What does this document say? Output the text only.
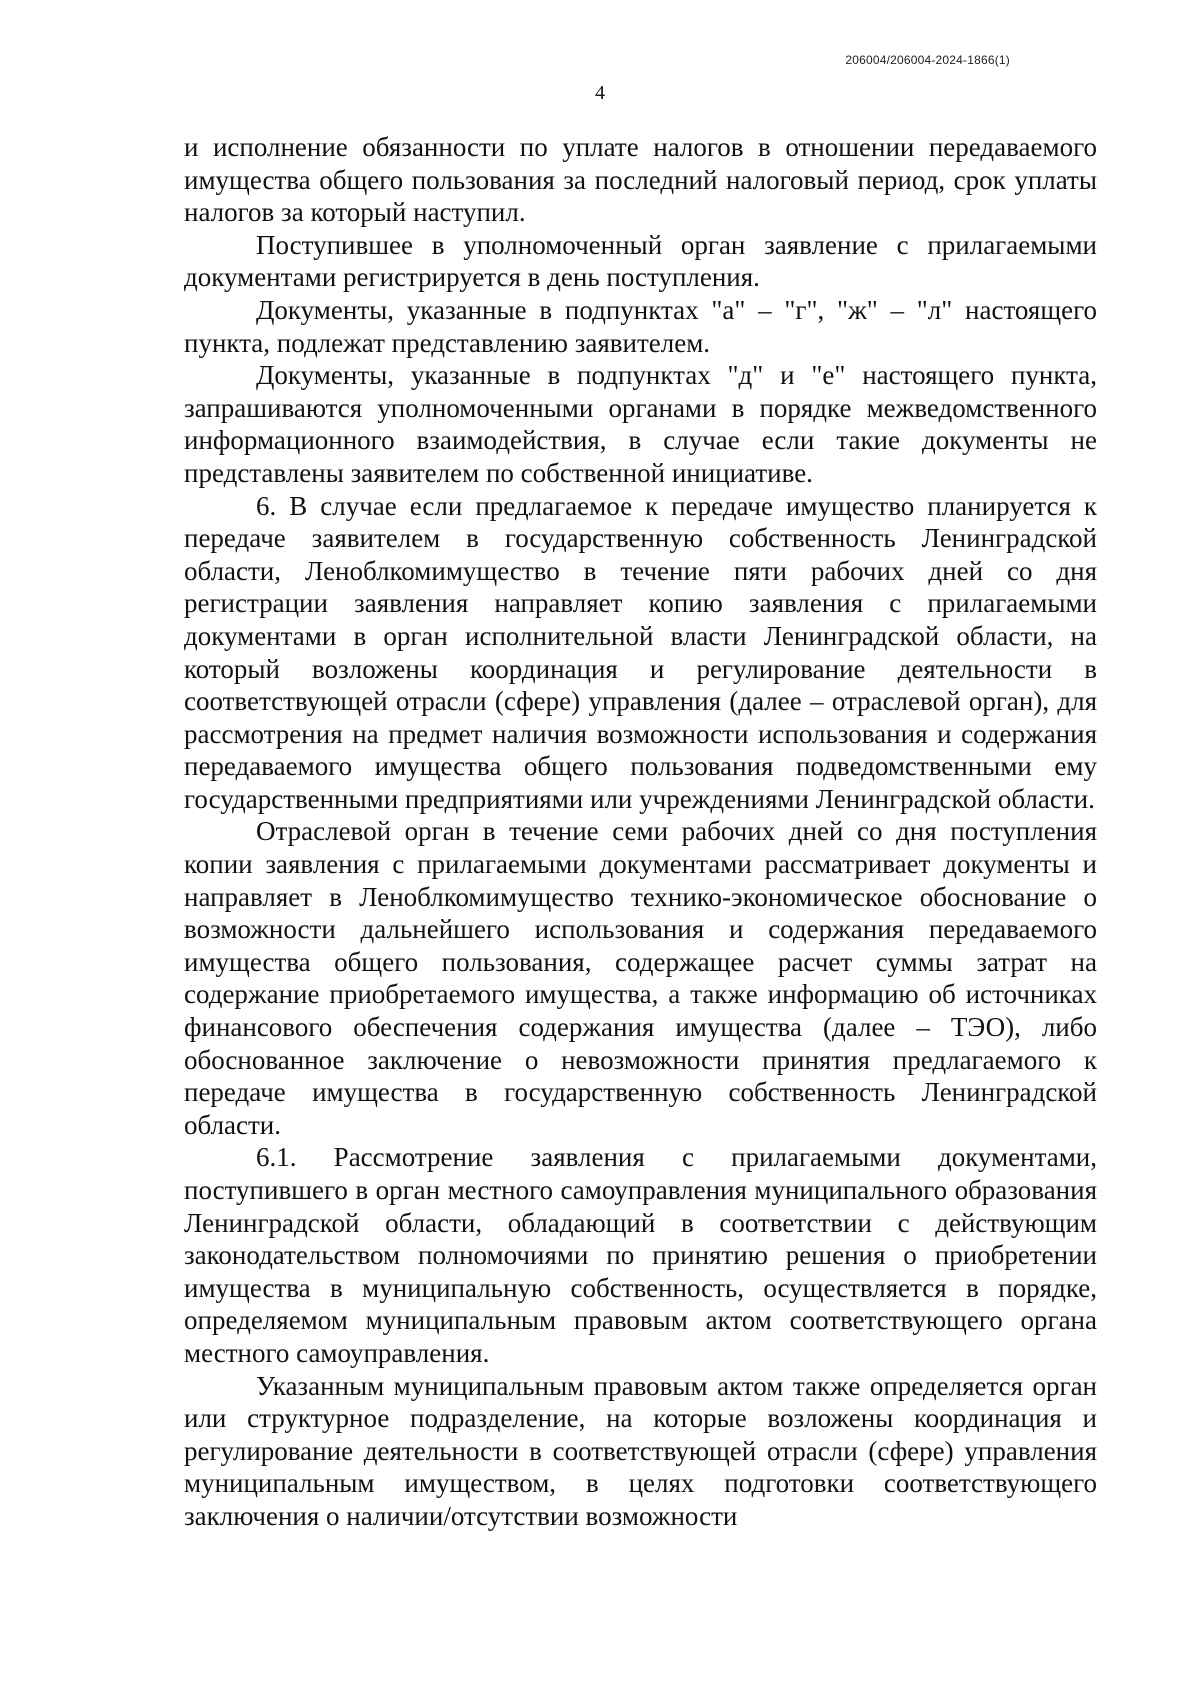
206004/206004-2024-1866(1)
4

и исполнение обязанности по уплате налогов в отношении передаваемого имущества общего пользования за последний налоговый период, срок уплаты налогов за который наступил.

Поступившее в уполномоченный орган заявление с прилагаемыми документами регистрируется в день поступления.

Документы, указанные в подпунктах "а" – "г", "ж" – "л" настоящего пункта, подлежат представлению заявителем.

Документы, указанные в подпунктах "д" и "е" настоящего пункта, запрашиваются уполномоченными органами в порядке межведомственного информационного взаимодействия, в случае если такие документы не представлены заявителем по собственной инициативе.

6. В случае если предлагаемое к передаче имущество планируется к передаче заявителем в государственную собственность Ленинградской области, Леноблкомимущество в течение пяти рабочих дней со дня регистрации заявления направляет копию заявления с прилагаемыми документами в орган исполнительной власти Ленинградской области, на который возложены координация и регулирование деятельности в соответствующей отрасли (сфере) управления (далее – отраслевой орган), для рассмотрения на предмет наличия возможности использования и содержания передаваемого имущества общего пользования подведомственными ему государственными предприятиями или учреждениями Ленинградской области.

Отраслевой орган в течение семи рабочих дней со дня поступления копии заявления с прилагаемыми документами рассматривает документы и направляет в Леноблкомимущество технико-экономическое обоснование о возможности дальнейшего использования и содержания передаваемого имущества общего пользования, содержащее расчет суммы затрат на содержание приобретаемого имущества, а также информацию об источниках финансового обеспечения содержания имущества (далее – ТЭО), либо обоснованное заключение о невозможности принятия предлагаемого к передаче имущества в государственную собственность Ленинградской области.

6.1. Рассмотрение заявления с прилагаемыми документами, поступившего в орган местного самоуправления муниципального образования Ленинградской области, обладающий в соответствии с действующим законодательством полномочиями по принятию решения о приобретении имущества в муниципальную собственность, осуществляется в порядке, определяемом муниципальным правовым актом соответствующего органа местного самоуправления.

Указанным муниципальным правовым актом также определяется орган или структурное подразделение, на которые возложены координация и регулирование деятельности в соответствующей отрасли (сфере) управления муниципальным имуществом, в целях подготовки соответствующего заключения о наличии/отсутствии возможности
